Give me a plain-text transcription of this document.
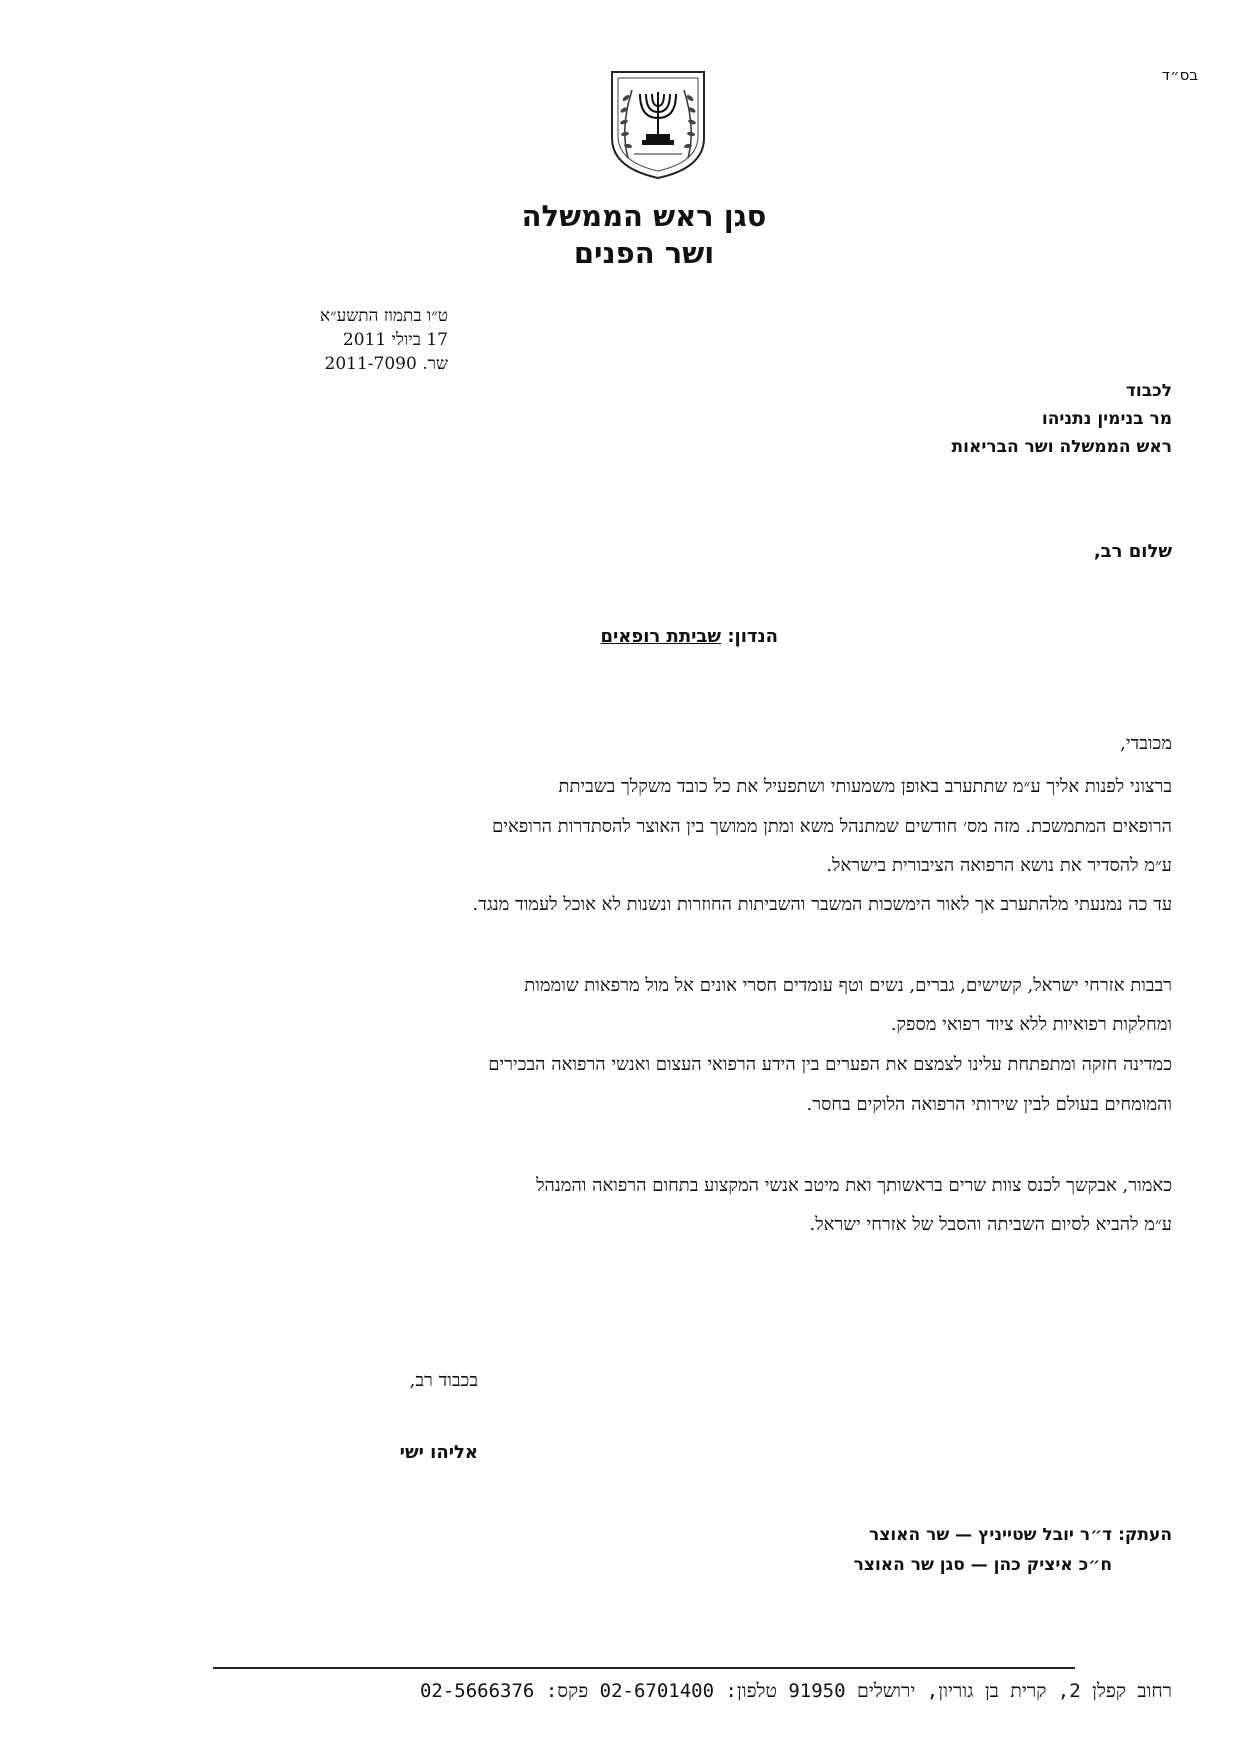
בס״ד
סגן ראש הממשלה
ושר הפנים
ט״ו בתמוז התשע״א
17 ביולי 2011
שר. 2011-7090
לכבוד
מר בנימין נתניהו
ראש הממשלה ושר הבריאות
שלום רב,
הנדון: שביתת רופאים
מכובדי,
ברצוני לפנות אליך ע״מ שתתערב באופן משמעותי ושתפעיל את כל כובד משקלך בשביתת
הרופאים המתמשכת. מזה מס׳ חודשים שמתנהל משא ומתן ממושך בין האוצר להסתדרות הרופאים
ע״מ להסדיר את נושא הרפואה הציבורית בישראל.
עד כה נמנעתי מלהתערב אך לאור הימשכות המשבר והשביתות החוזרות ונשנות לא אוכל לעמוד מנגד.
רבבות אזרחי ישראל, קשישים, גברים, נשים וטף עומדים חסרי אונים אל מול מרפאות שוממות
ומחלקות רפואיות ללא ציוד רפואי מספק.
כמדינה חזקה ומתפתחת עלינו לצמצם את הפערים בין הידע הרפואי העצום ואנשי הרפואה הבכירים
והמומחים בעולם לבין שירותי הרפואה הלוקים בחסר.
כאמור, אבקשך לכנס צוות שרים בראשותך ואת מיטב אנשי המקצוע בתחום הרפואה והמנהל
ע״מ להביא לסיום השביתה והסבל של אזרחי ישראל.
בכבוד רב,
אליהו ישי
העתק: ד״ר יובל שטייניץ — שר האוצר
ח״כ איציק כהן — סגן שר האוצר
רחוב קפלן 2, קרית בן גוריון, ירושלים 91950 טלפון: 02-6701400 פקס: 02-5666376
